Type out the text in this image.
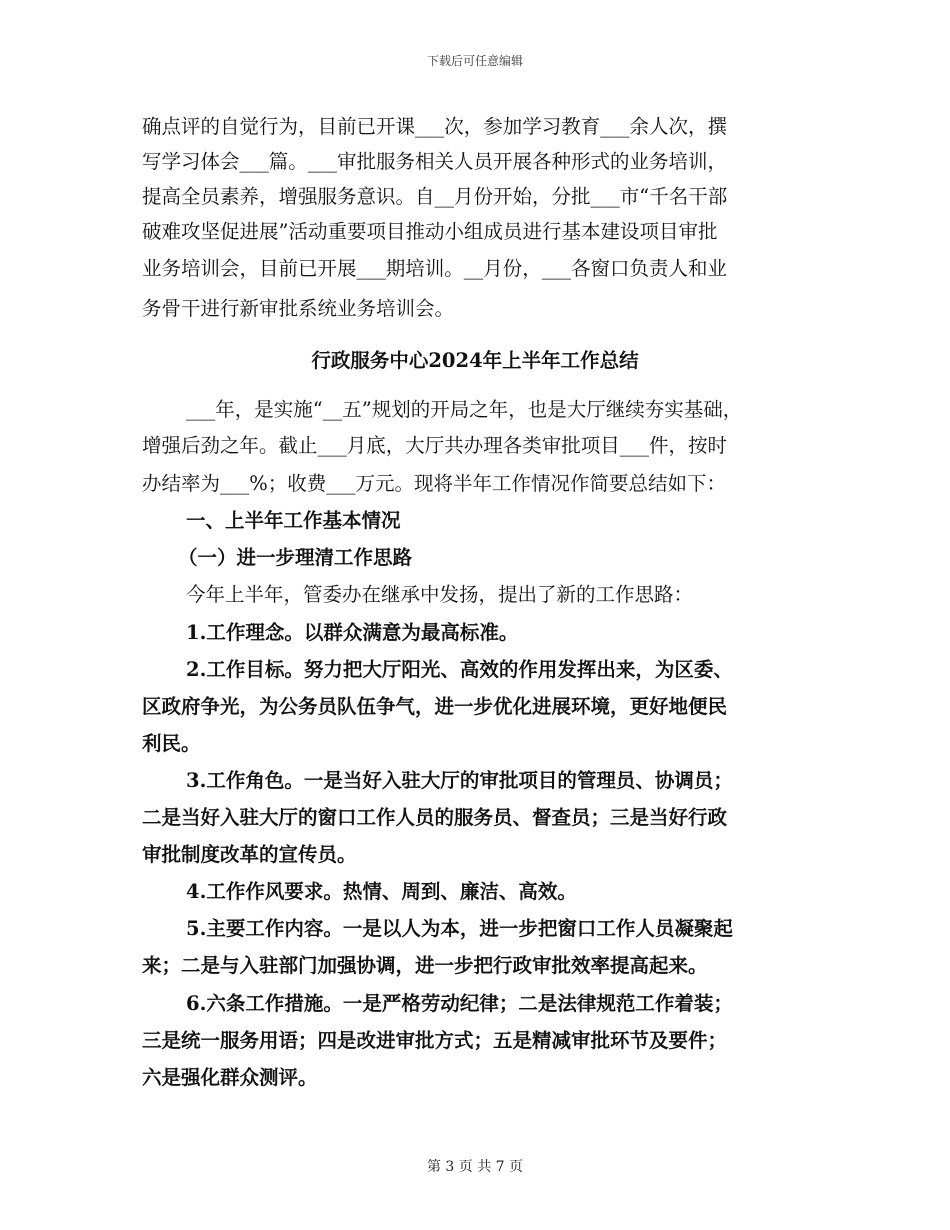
下载后可任意编辑
确点评的自觉行为，目前已开课___次，参加学习教育___余人次，撰
写学习体会___篇。___审批服务相关人员开展各种形式的业务培训，
提高全员素养，增强服务意识。自__月份开始，分批___市“千名干部
破难攻坚促进展”活动重要项目推动小组成员进行基本建设项目审批
业务培训会，目前已开展___期培训。__月份，___各窗口负责人和业
务骨干进行新审批系统业务培训会。
行政服务中心2024年上半年工作总结
___年，是实施“__五”规划的开局之年，也是大厅继续夯实基础，
增强后劲之年。截止___月底，大厅共办理各类审批项目___件，按时
办结率为___%；收费___万元。现将半年工作情况作简要总结如下：
一、上半年工作基本情况
（一）进一步理清工作思路
今年上半年，管委办在继承中发扬，提出了新的工作思路：
1.工作理念。以群众满意为最高标准。
2.工作目标。努力把大厅阳光、高效的作用发挥出来，为区委、
区政府争光，为公务员队伍争气，进一步优化进展环境，更好地便民
利民。
3.工作角色。一是当好入驻大厅的审批项目的管理员、协调员；
二是当好入驻大厅的窗口工作人员的服务员、督查员；三是当好行政
审批制度改革的宣传员。
4.工作作风要求。热情、周到、廉洁、高效。
5.主要工作内容。一是以人为本，进一步把窗口工作人员凝聚起
来；二是与入驻部门加强协调，进一步把行政审批效率提高起来。
6.六条工作措施。一是严格劳动纪律；二是法律规范工作着装；
三是统一服务用语；四是改进审批方式；五是精减审批环节及要件；
六是强化群众测评。
第 3 页 共 7 页
